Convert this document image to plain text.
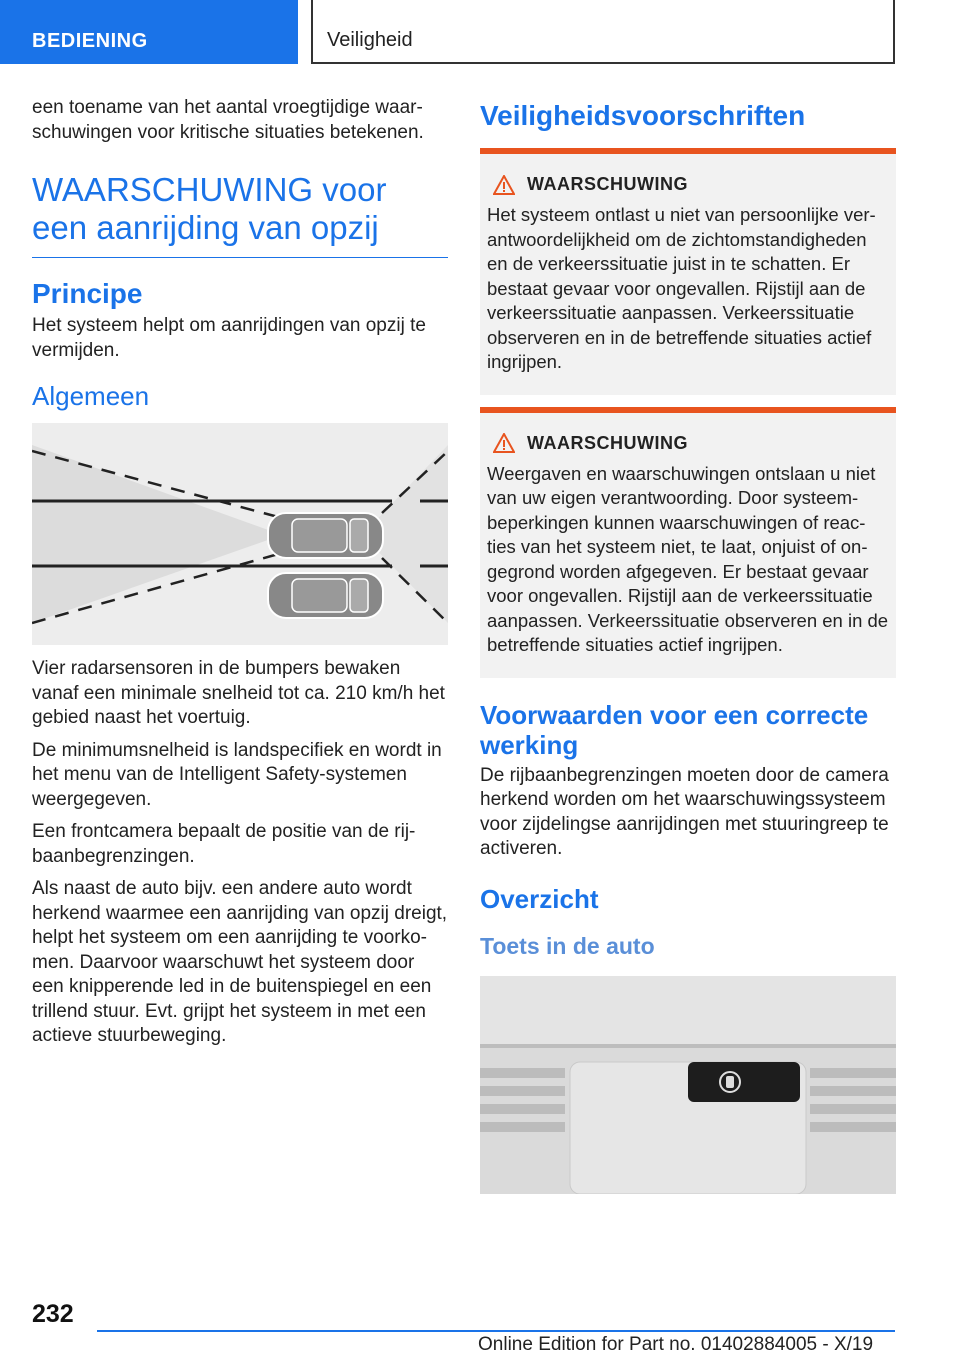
BEDIENING	Veiligheid

een toename van het aantal vroegtijdige waar-schuwingen voor kritische situaties betekenen.

WAARSCHUWING voor een aanrijding van opzij
Principe

Het systeem helpt om aanrijdingen van opzij te vermijden.

Algemeen

Vier radarsensoren in de bumpers bewaken vanaf een minimale snelheid tot ca. 210 km/h het gebied naast het voertuig.

De minimumsnelheid is landspecifiek en wordt in het menu van de Intelligent Safety-systemen weergegeven.

Een frontcamera bepaalt de positie van de rij-baanbegrenzingen.

Als naast de auto bijv. een andere auto wordt herkend waarmee een aanrijding van opzij dreigt, helpt het systeem om een aanrijding te voorko-men. Daarvoor waarschuwt het systeem door een knipperende led in de buitenspiegel en een trillend stuur. Evt. grijpt het systeem in met een actieve stuurbeweging.

Veiligheidsvoorschriften
WAARSCHUWING

Het systeem ontlast u niet van persoonlijke ver-antwoordelijkheid om de zichtomstandigheden en de verkeerssituatie juist in te schatten. Er bestaat gevaar voor ongevallen. Rijstijl aan de verkeerssituatie aanpassen. Verkeerssituatie observeren en in de betreffende situaties actief ingrijpen.

WAARSCHUWING

Weergaven en waarschuwingen ontslaan u niet van uw eigen verantwoording. Door systeem-beperkingen kunnen waarschuwingen of reac-ties van het systeem niet, te laat, onjuist of on-gegrond worden afgegeven. Er bestaat gevaar voor ongevallen. Rijstijl aan de verkeerssituatie aanpassen. Verkeerssituatie observeren en in de betreffende situaties actief ingrijpen.

Voorwaarden voor een correcte werking

De rijbaanbegrenzingen moeten door de camera herkend worden om het waarschuwingssysteem voor zijdelingse aanrijdingen met stuuringreep te activeren.

Overzicht
Toets in de auto
232
Online Edition for Part no. 01402884005 - X/19
